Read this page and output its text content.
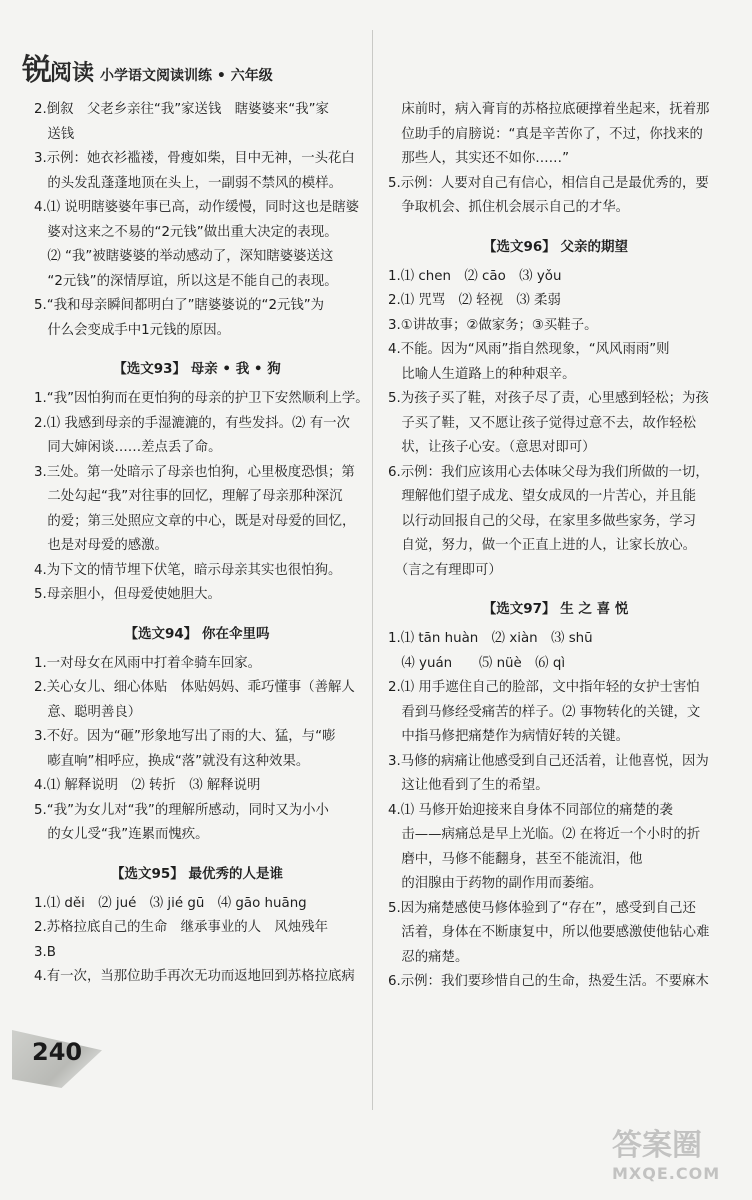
锐阅读 小学语文阅读训练 • 六年级
2.倒叙　父老乡亲往“我”家送钱　瞎婆婆来“我”家
　送钱
3.示例：她衣衫褴褛，骨瘦如柴，目中无神，一头花白
　的头发乱蓬蓬地顶在头上，一副弱不禁风的模样。
4.⑴ 说明瞎婆婆年事已高，动作缓慢，同时这也是瞎婆
　婆对这来之不易的“2元钱”做出重大决定的表现。
　⑵ “我”被瞎婆婆的举动感动了，深知瞎婆婆送这
　“2元钱”的深情厚谊，所以这是不能自己的表现。
5.“我和母亲瞬间都明白了”瞎婆婆说的“2元钱”为
　什么会变成手中1元钱的原因。
【选文93】 母亲 • 我 • 狗
1.“我”因怕狗而在更怕狗的母亲的护卫下安然顺利上学。
2.⑴ 我感到母亲的手湿漉漉的，有些发抖。⑵ 有一次
　同大婶闲谈……差点丢了命。
3.三处。第一处暗示了母亲也怕狗，心里极度恐惧；第
　二处勾起“我”对往事的回忆，理解了母亲那种深沉
　的爱；第三处照应文章的中心，既是对母爱的回忆，
　也是对母爱的感激。
4.为下文的情节埋下伏笔，暗示母亲其实也很怕狗。
5.母亲胆小，但母爱使她胆大。
【选文94】 你在伞里吗
1.一对母女在风雨中打着伞骑车回家。
2.关心女儿、细心体贴　体贴妈妈、乖巧懂事（善解人
　意、聪明善良）
3.不好。因为“砸”形象地写出了雨的大、猛，与“嘭
　嘭直响”相呼应，换成“落”就没有这种效果。
4.⑴ 解释说明　⑵ 转折　⑶ 解释说明
5.“我”为女儿对“我”的理解所感动，同时又为小小
　的女儿受“我”连累而愧疚。
【选文95】 最优秀的人是谁
1.⑴ děi　⑵ jué　⑶ jié gū　⑷ gāo huāng
2.苏格拉底自己的生命　继承事业的人　风烛残年
3.B
4.有一次，当那位助手再次无功而返地回到苏格拉底病
　床前时，病入膏肓的苏格拉底硬撑着坐起来，抚着那
　位助手的肩膀说：“真是辛苦你了，不过，你找来的
　那些人，其实还不如你……”
5.示例：人要对自己有信心，相信自己是最优秀的，要
　争取机会、抓住机会展示自己的才华。
【选文96】 父亲的期望
1.⑴ chen　⑵ cāo　⑶ yǒu
2.⑴ 咒骂　⑵ 轻视　⑶ 柔弱
3.①讲故事；②做家务；③买鞋子。
4.不能。因为“风雨”指自然现象，“风风雨雨”则
　比喻人生道路上的种种艰辛。
5.为孩子买了鞋，对孩子尽了责，心里感到轻松；为孩
　子买了鞋，又不愿让孩子觉得过意不去，故作轻松
　状，让孩子心安。（意思对即可）
6.示例：我们应该用心去体味父母为我们所做的一切，
　理解他们望子成龙、望女成凤的一片苦心，并且能
　以行动回报自己的父母，在家里多做些家务，学习
　自觉，努力，做一个正直上进的人，让家长放心。
　（言之有理即可）
【选文97】 生 之 喜 悦
1.⑴ tān huàn　⑵ xiàn　⑶ shū
　⑷ yuán　　⑸ nüè　⑹ qì
2.⑴ 用手遮住自己的脸部，文中指年轻的女护士害怕
　看到马修经受痛苦的样子。⑵ 事物转化的关键，文
　中指马修把痛楚作为病情好转的关键。
3.马修的病痛让他感受到自己还活着，让他喜悦，因为
　这让他看到了生的希望。
4.⑴ 马修开始迎接来自身体不同部位的痛楚的袭
　击——病痛总是早上光临。⑵ 在将近一个小时的折
　磨中，马修不能翻身，甚至不能流泪，他
　的泪腺由于药物的副作用而萎缩。
5.因为痛楚感使马修体验到了“存在”，感受到自己还
　活着，身体在不断康复中，所以他要感激使他钻心难
　忍的痛楚。
6.示例：我们要珍惜自己的生命，热爱生活。不要麻木
240
答案圈
MXQE.COM
